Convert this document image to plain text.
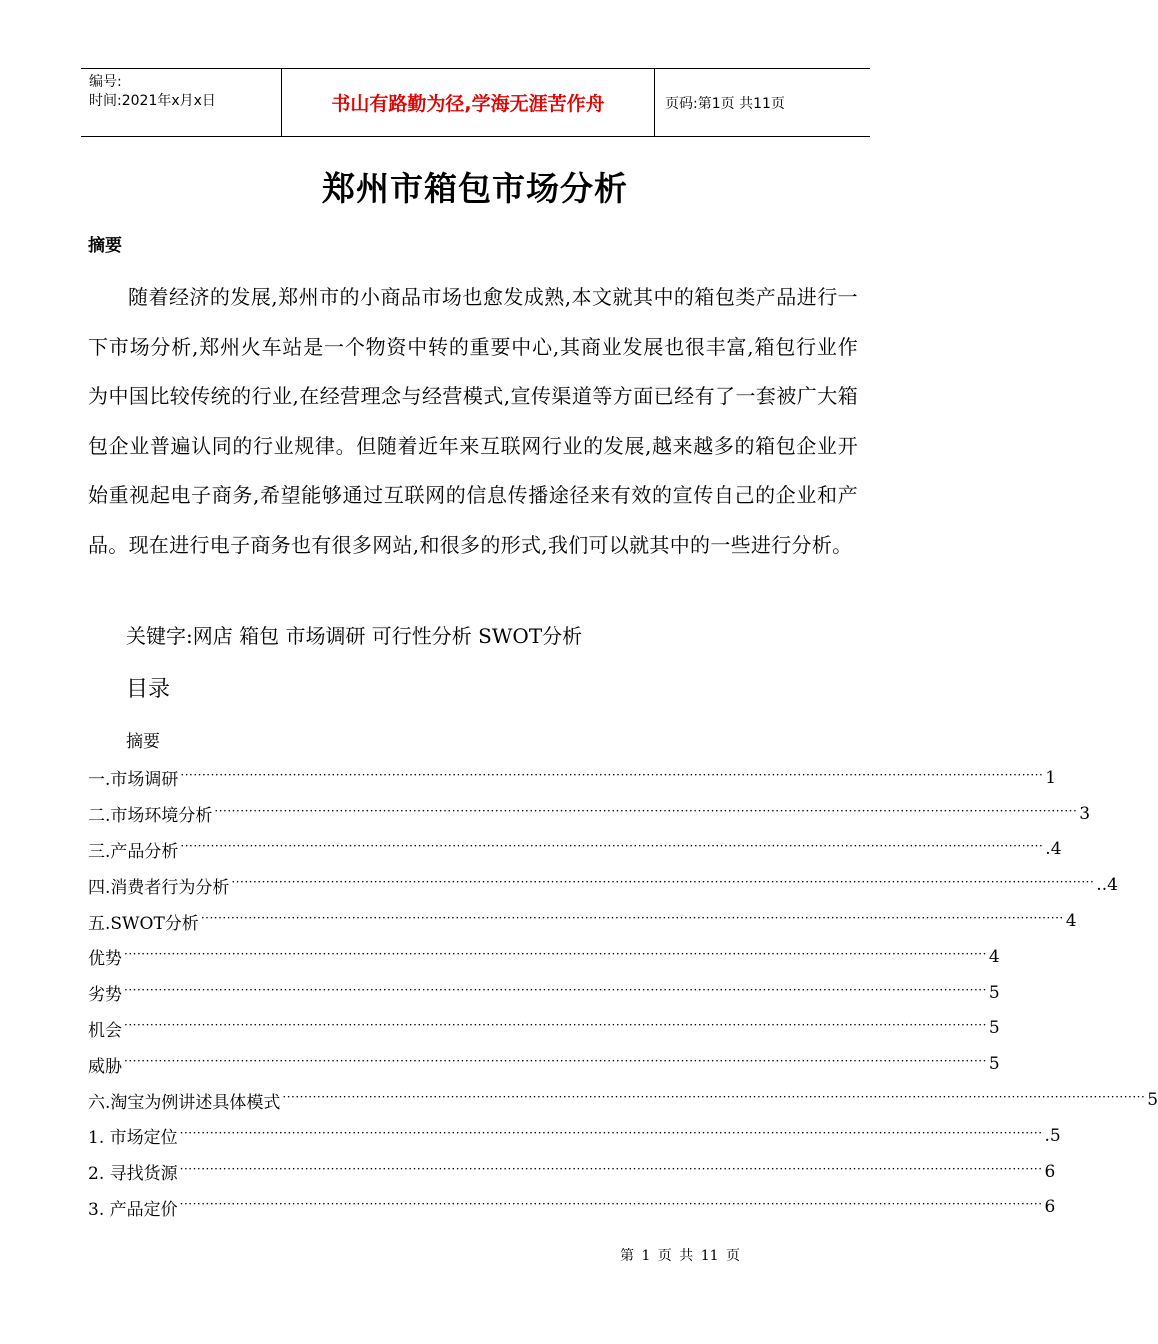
编号:
时间:2021年x月x日	书山有路勤为径,学海无涯苦作舟	页码:第1页 共11页
郑州市箱包市场分析
摘要
随着经济的发展,郑州市的小商品市场也愈发成熟,本文就其中的箱包类产品进行一下市场分析,郑州火车站是一个物资中转的重要中心,其商业发展也很丰富,箱包行业作为中国比较传统的行业,在经营理念与经营模式,宣传渠道等方面已经有了一套被广大箱包企业普遍认同的行业规律。但随着近年来互联网行业的发展,越来越多的箱包企业开始重视起电子商务,希望能够通过互联网的信息传播途径来有效的宣传自己的企业和产品。现在进行电子商务也有很多网站,和很多的形式,我们可以就其中的一些进行分析。
关键字:网店 箱包 市场调研 可行性分析 SWOT分析
目录
摘要
一.市场调研 ········································································································································································································ 1
二.市场环境分析 ········································································································································································································ 3
三.产品分析 ········································································································································································································ .4
四.消费者行为分析 ········································································································································································································ ..4
五.SWOT分析 ········································································································································································································ 4
优势 ········································································································································································································ 4
劣势 ········································································································································································································ 5
机会 ········································································································································································································ 5
威胁 ········································································································································································································ 5
六.淘宝为例讲述具体模式 ········································································································································································································ 5
1. 市场定位 ········································································································································································································ .5
2. 寻找货源 ········································································································································································································ 6
3. 产品定价 ········································································································································································································ 6
第 1 页 共 11 页
